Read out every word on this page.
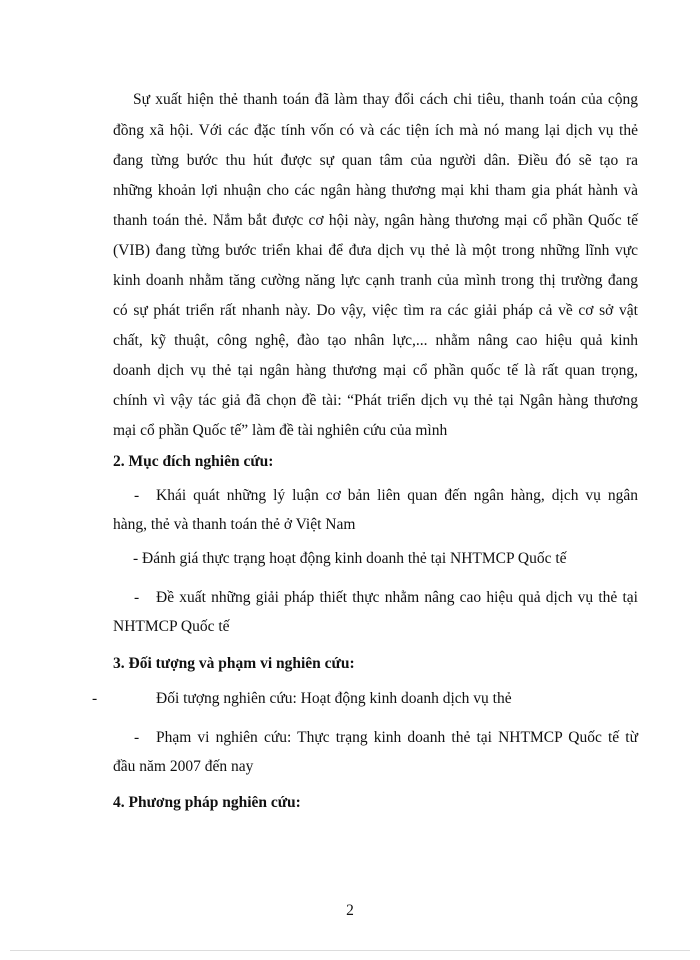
Sự xuất hiện thẻ thanh toán đã làm thay đổi cách chi tiêu, thanh toán của cộng
đồng xã hội. Với các đặc tính vốn có và các tiện ích mà nó mang lại dịch vụ thẻ
đang từng bước thu hút được sự quan tâm của người dân. Điều đó sẽ tạo ra
những khoản lợi nhuận cho các ngân hàng thương mại khi tham gia phát hành và
thanh toán thẻ. Nắm bắt được cơ hội này, ngân hàng thương mại cổ phần Quốc tế
(VIB) đang từng bước triển khai để đưa dịch vụ thẻ là một trong những lĩnh vực
kinh doanh nhằm tăng cường năng lực cạnh tranh của mình trong thị trường đang
có sự phát triển rất nhanh này. Do vậy, việc tìm ra các giải pháp cả về cơ sở vật
chất, kỹ thuật, công nghệ, đào tạo nhân lực,... nhằm nâng cao hiệu quả kinh
doanh dịch vụ thẻ tại ngân hàng thương mại cổ phần quốc tế là rất quan trọng,
chính vì vậy tác giả đã chọn đề tài: “Phát triển dịch vụ thẻ tại Ngân hàng thương
mại cổ phần Quốc tế” làm đề tài nghiên cứu của mình
2. Mục đích nghiên cứu:
- Khái quát những lý luận cơ bản liên quan đến ngân hàng, dịch vụ ngân
hàng, thẻ và thanh toán thẻ ở Việt Nam
- Đánh giá thực trạng hoạt động kinh doanh thẻ tại NHTMCP Quốc tế
- Đề xuất những giải pháp thiết thực nhằm nâng cao hiệu quả dịch vụ thẻ tại
NHTMCP Quốc tế
3. Đối tượng và phạm vi nghiên cứu:
-	Đối tượng nghiên cứu: Hoạt động kinh doanh dịch vụ thẻ
- Phạm vi nghiên cứu: Thực trạng kinh doanh thẻ tại NHTMCP Quốc tế từ
đầu năm 2007 đến nay
4. Phương pháp nghiên cứu:
2
